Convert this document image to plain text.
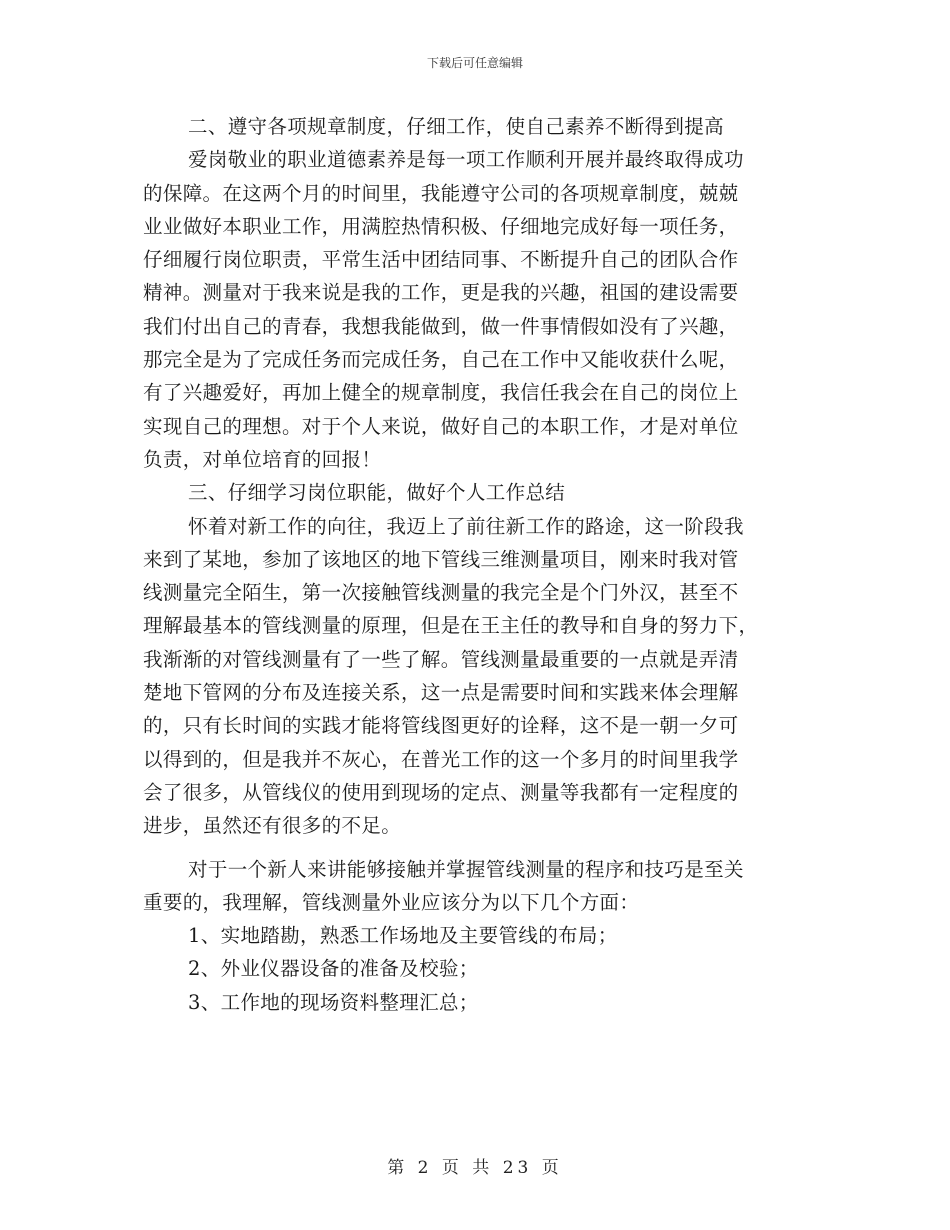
下载后可任意编辑
二、遵守各项规章制度，仔细工作，使自己素养不断得到提高
爱岗敬业的职业道德素养是每一项工作顺利开展并最终取得成功
的保障。在这两个月的时间里，我能遵守公司的各项规章制度，兢兢
业业做好本职业工作，用满腔热情积极、仔细地完成好每一项任务，
仔细履行岗位职责，平常生活中团结同事、不断提升自己的团队合作
精神。测量对于我来说是我的工作，更是我的兴趣，祖国的建设需要
我们付出自己的青春，我想我能做到，做一件事情假如没有了兴趣，
那完全是为了完成任务而完成任务，自己在工作中又能收获什么呢，
有了兴趣爱好，再加上健全的规章制度，我信任我会在自己的岗位上
实现自己的理想。对于个人来说，做好自己的本职工作，才是对单位
负责，对单位培育的回报！
三、仔细学习岗位职能，做好个人工作总结
怀着对新工作的向往，我迈上了前往新工作的路途，这一阶段我
来到了某地，参加了该地区的地下管线三维测量项目，刚来时我对管
线测量完全陌生，第一次接触管线测量的我完全是个门外汉，甚至不
理解最基本的管线测量的原理，但是在王主任的教导和自身的努力下，
我渐渐的对管线测量有了一些了解。管线测量最重要的一点就是弄清
楚地下管网的分布及连接关系，这一点是需要时间和实践来体会理解
的，只有长时间的实践才能将管线图更好的诠释，这不是一朝一夕可
以得到的，但是我并不灰心，在普光工作的这一个多月的时间里我学
会了很多，从管线仪的使用到现场的定点、测量等我都有一定程度的
进步，虽然还有很多的不足。
对于一个新人来讲能够接触并掌握管线测量的程序和技巧是至关
重要的，我理解，管线测量外业应该分为以下几个方面：
1、实地踏勘，熟悉工作场地及主要管线的布局；
2、外业仪器设备的准备及校验；
3、工作地的现场资料整理汇总；
第 2 页 共 23 页
